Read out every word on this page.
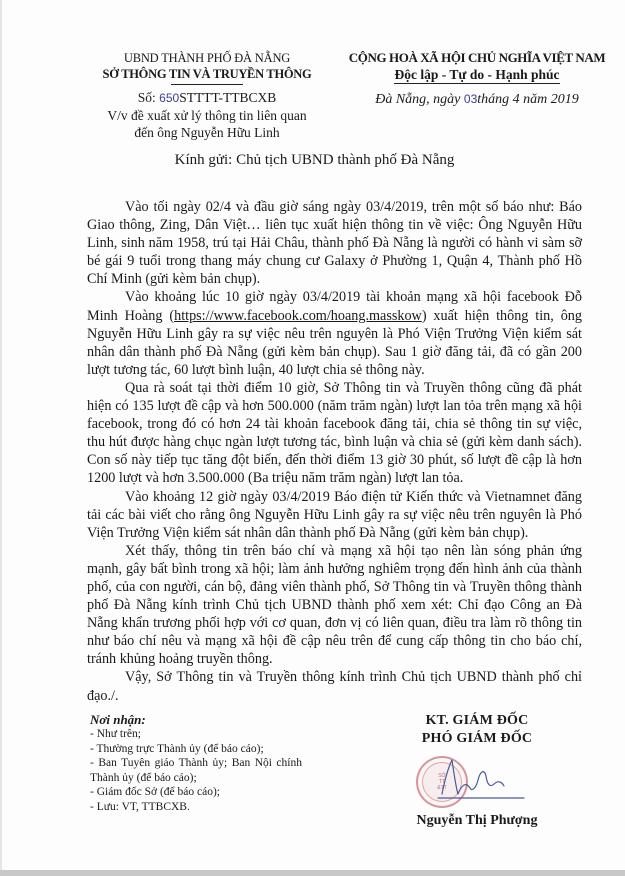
UBND THÀNH PHỐ ĐÀ NẴNG
SỞ THÔNG TIN VÀ TRUYỀN THÔNG
Số: 650STTTT-TTBCXB
V/v đề xuất xử lý thông tin liên quan
đến ông Nguyễn Hữu Linh
CỘNG HOÀ XÃ HỘI CHỦ NGHĨA VIỆT NAM
Độc lập - Tự do - Hạnh phúc
Đà Nẵng, ngày 03tháng 4 năm 2019
Kính gửi: Chủ tịch UBND thành phố Đà Nẵng

Vào tối ngày 02/4 và đầu giờ sáng ngày 03/4/2019, trên một số báo như: Báo Giao thông, Zing, Dân Việt… liên tục xuất hiện thông tin về việc: Ông Nguyễn Hữu Linh, sinh năm 1958, trú tại Hải Châu, thành phố Đà Nẵng là người có hành vi sàm sỡ bé gái 9 tuổi trong thang máy chung cư Galaxy ở Phường 1, Quận 4, Thành phố Hồ Chí Minh (gửi kèm bản chụp).

Vào khoảng lúc 10 giờ ngày 03/4/2019 tài khoản mạng xã hội facebook Đỗ Minh Hoàng (https://www.facebook.com/hoang.masskow) xuất hiện thông tin, ông Nguyễn Hữu Linh gây ra sự việc nêu trên nguyên là Phó Viện Trưởng Viện kiểm sát nhân dân thành phố Đà Nẵng (gửi kèm bản chụp). Sau 1 giờ đăng tải, đã có gần 200 lượt tương tác, 60 lượt bình luận, 40 lượt chia sẻ thông này.

Qua rà soát tại thời điểm 10 giờ, Sở Thông tin và Truyền thông cũng đã phát hiện có 135 lượt đề cập và hơn 500.000 (năm trăm ngàn) lượt lan tỏa trên mạng xã hội facebook, trong đó có hơn 24 tài khoản facebook đăng tải, chia sẻ thông tin sự việc, thu hút được hàng chục ngàn lượt tương tác, bình luận và chia sẻ (gửi kèm danh sách). Con số này tiếp tục tăng đột biến, đến thời điểm 13 giờ 30 phút, số lượt đề cập là hơn 1200 lượt và hơn 3.500.000 (Ba triệu năm trăm ngàn) lượt lan tỏa.

Vào khoảng 12 giờ ngày 03/4/2019 Báo điện tử Kiến thức và Vietnamnet đăng tải các bài viết cho rằng ông Nguyễn Hữu Linh gây ra sự việc nêu trên nguyên là Phó Viện Trưởng Viện kiểm sát nhân dân thành phố Đà Nẵng (gửi kèm bản chụp).

Xét thấy, thông tin trên báo chí và mạng xã hội tạo nên làn sóng phản ứng mạnh, gây bất bình trong xã hội; làm ảnh hưởng nghiêm trọng đến hình ảnh của thành phố, của con người, cán bộ, đảng viên thành phố, Sở Thông tin và Truyền thông thành phố Đà Nẵng kính trình Chủ tịch UBND thành phố xem xét: Chỉ đạo Công an Đà Nẵng khẩn trương phối hợp với cơ quan, đơn vị có liên quan, điều tra làm rõ thông tin như báo chí nêu và mạng xã hội đề cập nêu trên để cung cấp thông tin cho báo chí, tránh khủng hoảng truyền thông.

Vậy, Sở Thông tin và Truyền thông kính trình Chủ tịch UBND thành phố chỉ đạo./.

Nơi nhận:
- Như trên;
- Thường trực Thành ủy (để báo cáo);
- Ban Tuyên giáo Thành ủy; Ban Nội chính Thành ủy (để báo cáo);
- Giám đốc Sở (để báo cáo);
- Lưu: VT, TTBCXB.
KT. GIÁM ĐỐC
PHÓ GIÁM ĐỐC
SỞ
TT
&TT
Nguyễn Thị Phượng
